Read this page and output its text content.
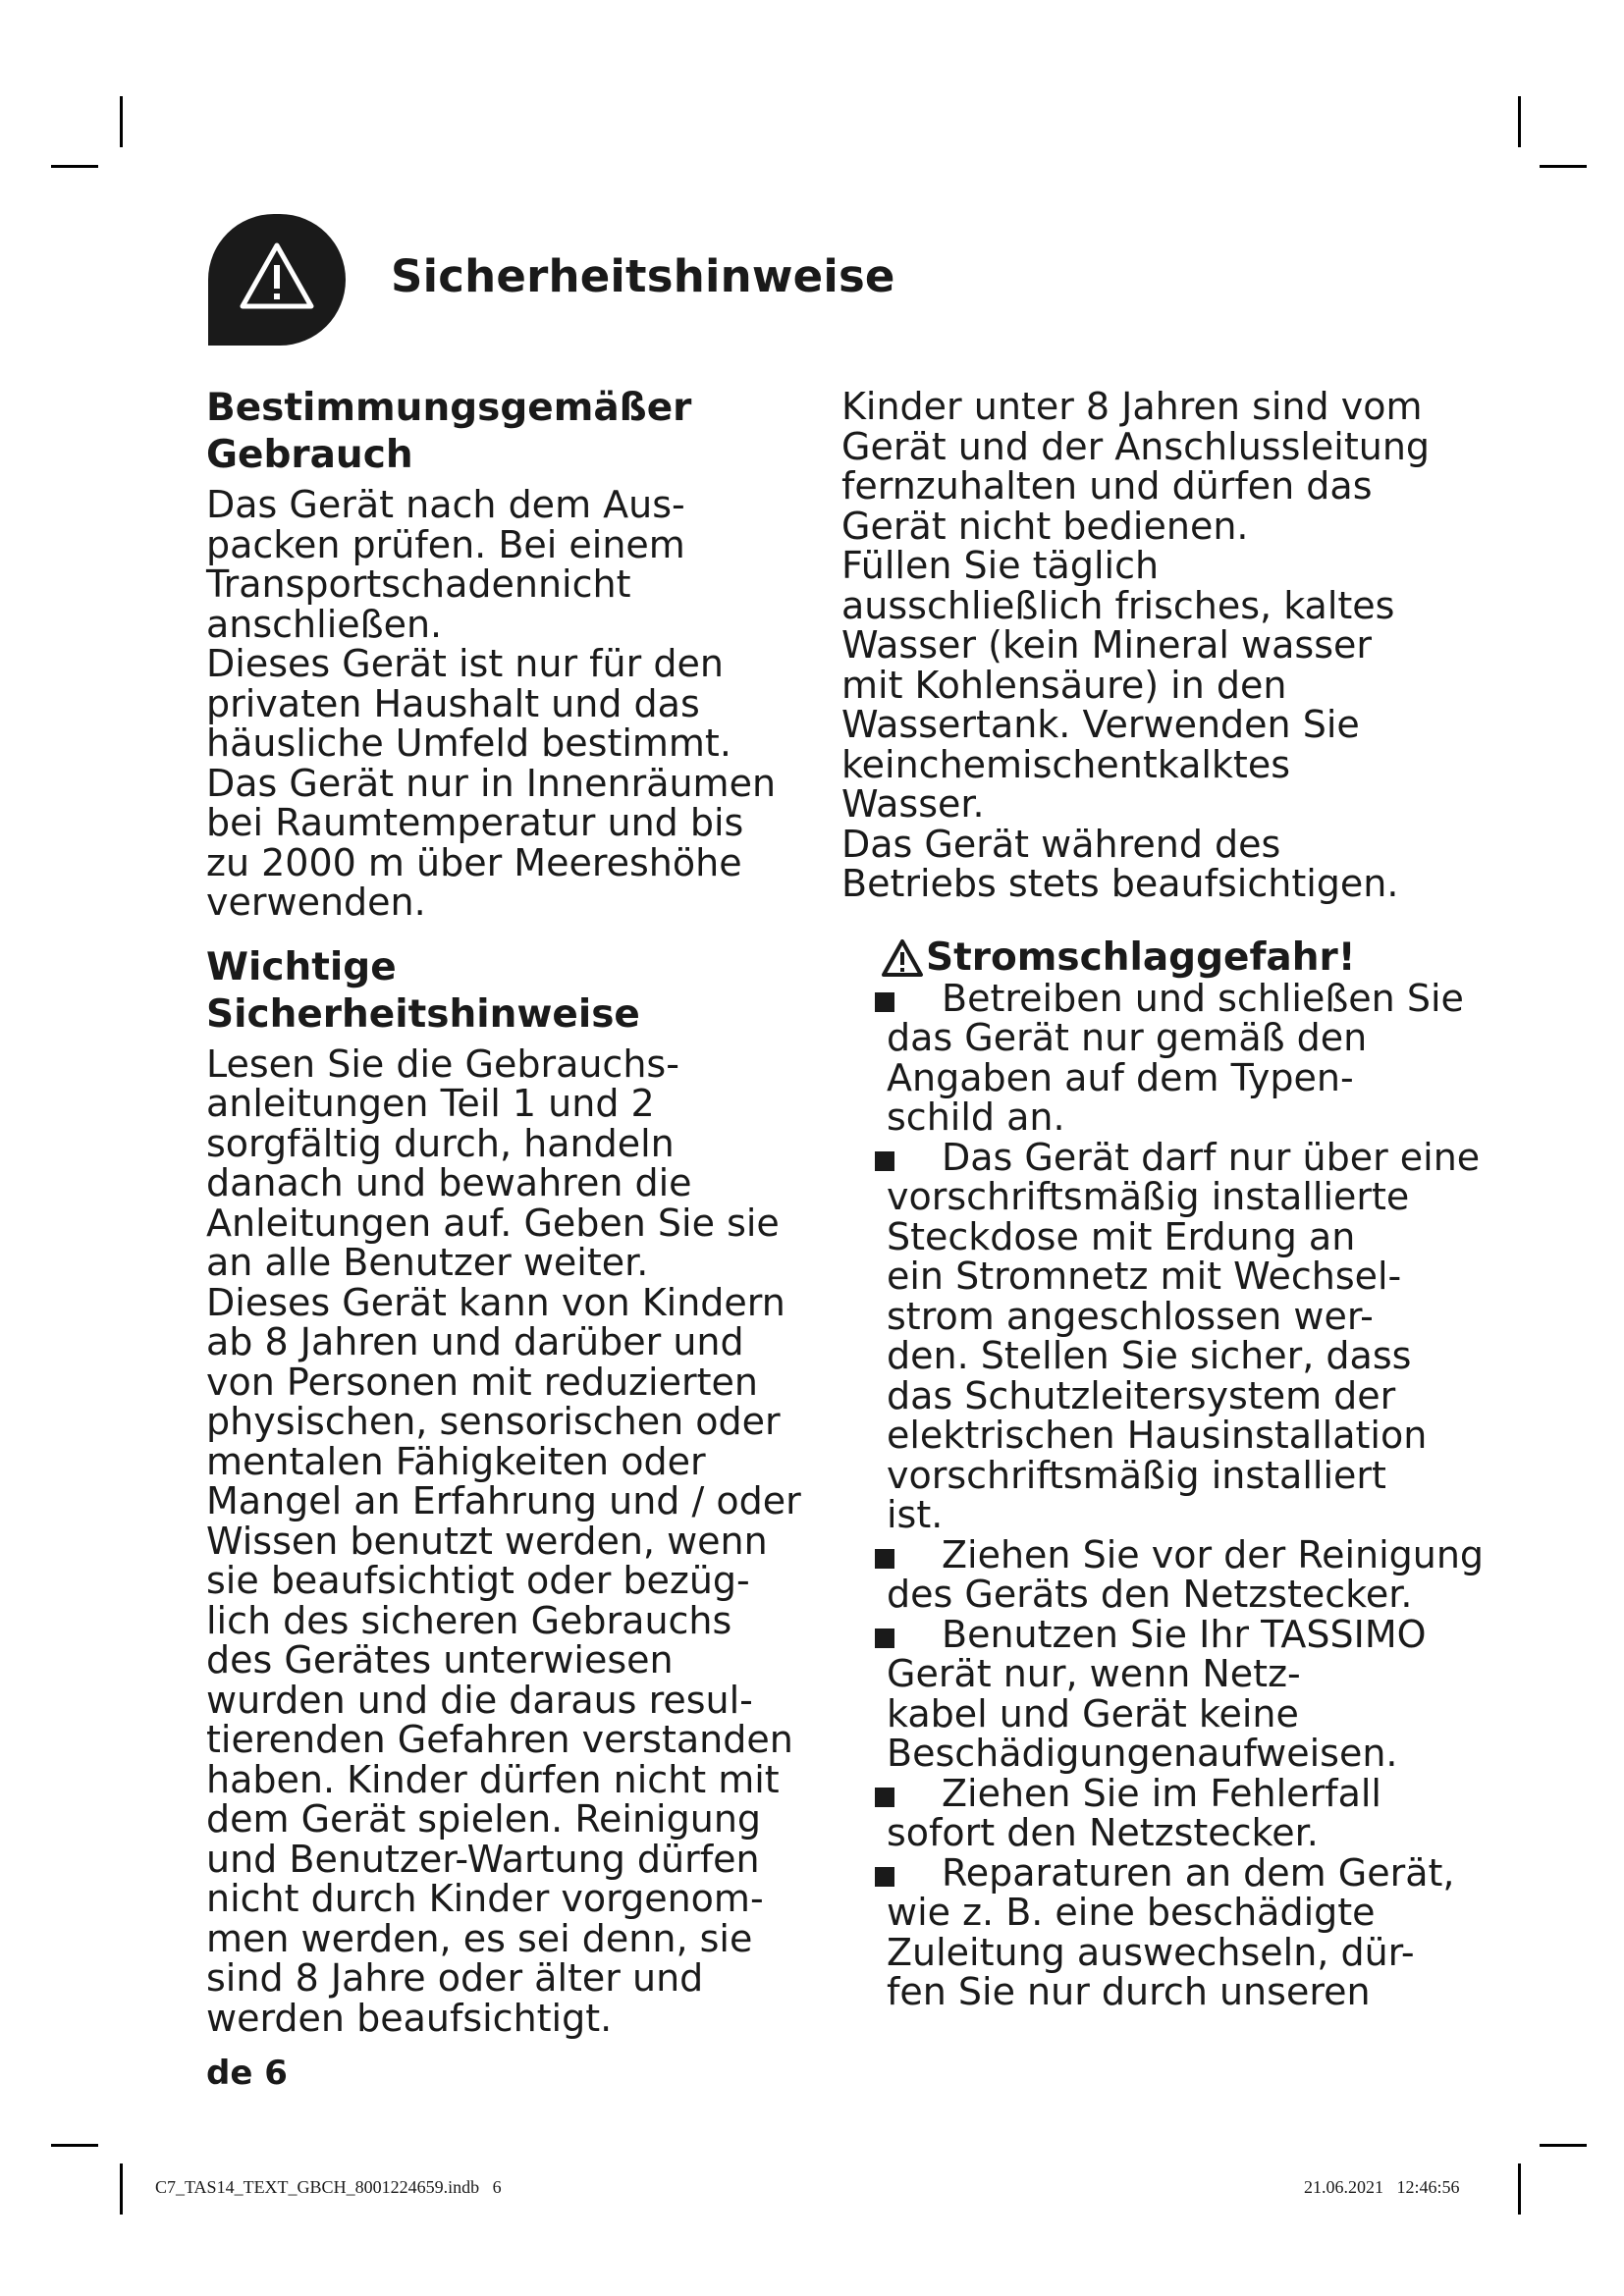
Sicherheitshinweise
Bestimmungsgemäßer
Gebrauch

Das Gerät nach dem Aus-
packen prüfen. Bei einem
Transportschadennicht
anschließen.

Dieses Gerät ist nur für den
privaten Haushalt und das
häusliche Umfeld bestimmt.

Das Gerät nur in Innenräumen
bei Raumtemperatur und bis
zu 2000 m über Meereshöhe
verwenden.

Wichtige Sicherheitshinweise

Lesen Sie die Gebrauchs-
anleitungen Teil 1 und 2
sorgfältig durch, handeln
danach und bewahren die
Anleitungen auf. Geben Sie sie
an alle Benutzer weiter.

Dieses Gerät kann von Kindern
ab 8 Jahren und darüber und
von Personen mit reduzierten
physischen, sensorischen oder
mentalen Fähigkeiten oder
Mangel an Erfahrung und / oder
Wissen benutzt werden, wenn
sie beaufsichtigt oder bezüg-
lich des sicheren Gebrauchs
des Gerätes unterwiesen
wurden und die daraus resul-
tierenden Gefahren verstanden
haben. Kinder dürfen nicht mit
dem Gerät spielen. Reinigung
und Benutzer-Wartung dürfen
nicht durch Kinder vorgenom-
men werden, es sei denn, sie
sind 8 Jahre oder älter und
werden beaufsichtigt.

Kinder unter 8 Jahren sind vom
Gerät und der Anschlussleitung
fernzuhalten und dürfen das
Gerät nicht bedienen.

Füllen Sie täglich
ausschließlich frisches, kaltes
Wasser (kein Mineral wasser
mit Kohlensäure) in den
Wassertank. Verwenden Sie
keinchemischentkalktes
Wasser.

Das Gerät während des
Betriebs stets beaufsichtigen.

Stromschlaggefahr!
Betreiben und schließen Sie
das Gerät nur gemäß den
Angaben auf dem Typen-
schild an.
Das Gerät darf nur über eine
vorschriftsmäßig installierte
Steckdose mit Erdung an
ein Stromnetz mit Wechsel-
strom angeschlossen wer-
den. Stellen Sie sicher, dass
das Schutzleitersystem der
elektrischen Hausinstallation
vorschriftsmäßig installiert
ist.
Ziehen Sie vor der Reinigung
des Geräts den Netzstecker.
Benutzen Sie Ihr TASSIMO
Gerät nur, wenn Netz-
kabel und Gerät keine
Beschädigungenaufweisen.
Ziehen Sie im Fehlerfall
sofort den Netzstecker.
Reparaturen an dem Gerät,
wie z. B. eine beschädigte
Zuleitung auswechseln, dür-
fen Sie nur durch unseren

de 6

C7_TAS14_TEXT_GBCH_8001224659.indb   6	21.06.2021   12:46:56
